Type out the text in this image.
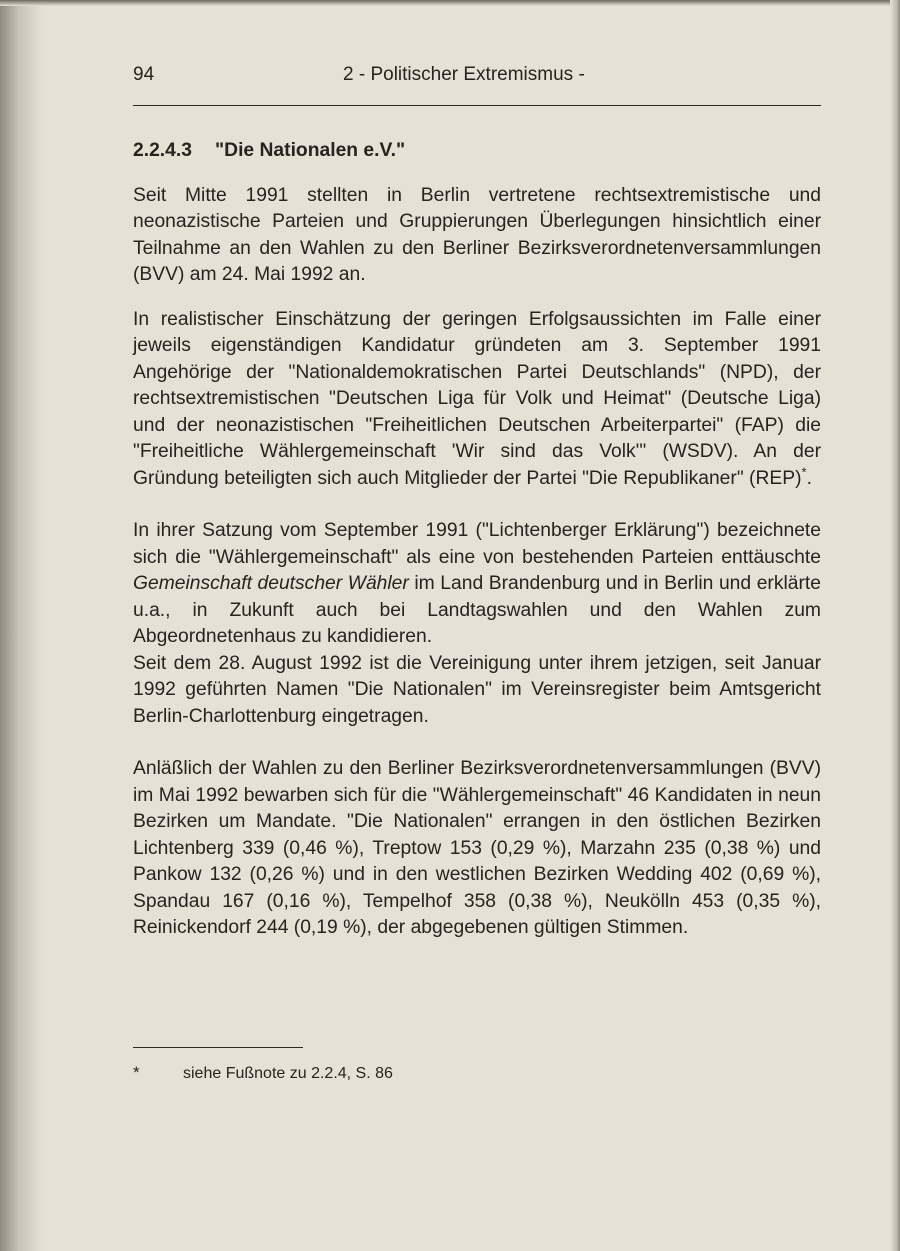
94	2 - Politischer Extremismus -
2.2.4.3 "Die Nationalen e.V."

Seit Mitte 1991 stellten in Berlin vertretene rechtsextremistische und neonazistische Parteien und Gruppierungen Überlegungen hinsichtlich einer Teilnahme an den Wahlen zu den Berliner Bezirksverordnetenversammlungen (BVV) am 24. Mai 1992 an.

In realistischer Einschätzung der geringen Erfolgsaussichten im Falle einer jeweils eigenständigen Kandidatur gründeten am 3. September 1991 Angehörige der "Nationaldemokratischen Partei Deutschlands" (NPD), der rechtsextremistischen "Deutschen Liga für Volk und Heimat" (Deutsche Liga) und der neonazistischen "Freiheitlichen Deutschen Arbeiterpartei" (FAP) die "Freiheitliche Wählergemeinschaft 'Wir sind das Volk'" (WSDV). An der Gründung beteiligten sich auch Mitglieder der Partei "Die Republikaner" (REP)*.

In ihrer Satzung vom September 1991 ("Lichtenberger Erklärung") bezeichnete sich die "Wählergemeinschaft" als eine von bestehenden Parteien enttäuschte Gemeinschaft deutscher Wähler im Land Brandenburg und in Berlin und erklärte u.a., in Zukunft auch bei Landtagswahlen und den Wahlen zum Abgeordnetenhaus zu kandidieren.

Seit dem 28. August 1992 ist die Vereinigung unter ihrem jetzigen, seit Januar 1992 geführten Namen "Die Nationalen" im Vereinsregister beim Amtsgericht Berlin-Charlottenburg eingetragen.

Anläßlich der Wahlen zu den Berliner Bezirksverordnetenversammlungen (BVV) im Mai 1992 bewarben sich für die "Wählergemeinschaft" 46 Kandidaten in neun Bezirken um Mandate. "Die Nationalen" errangen in den östlichen Bezirken Lichtenberg 339 (0,46 %), Treptow 153 (0,29 %), Marzahn 235 (0,38 %) und Pankow 132 (0,26 %) und in den westlichen Bezirken Wedding 402 (0,69 %), Spandau 167 (0,16 %), Tempelhof 358 (0,38 %), Neukölln 453 (0,35 %), Reinickendorf 244 (0,19 %), der abgegebenen gültigen Stimmen.

*	siehe Fußnote zu 2.2.4, S. 86
